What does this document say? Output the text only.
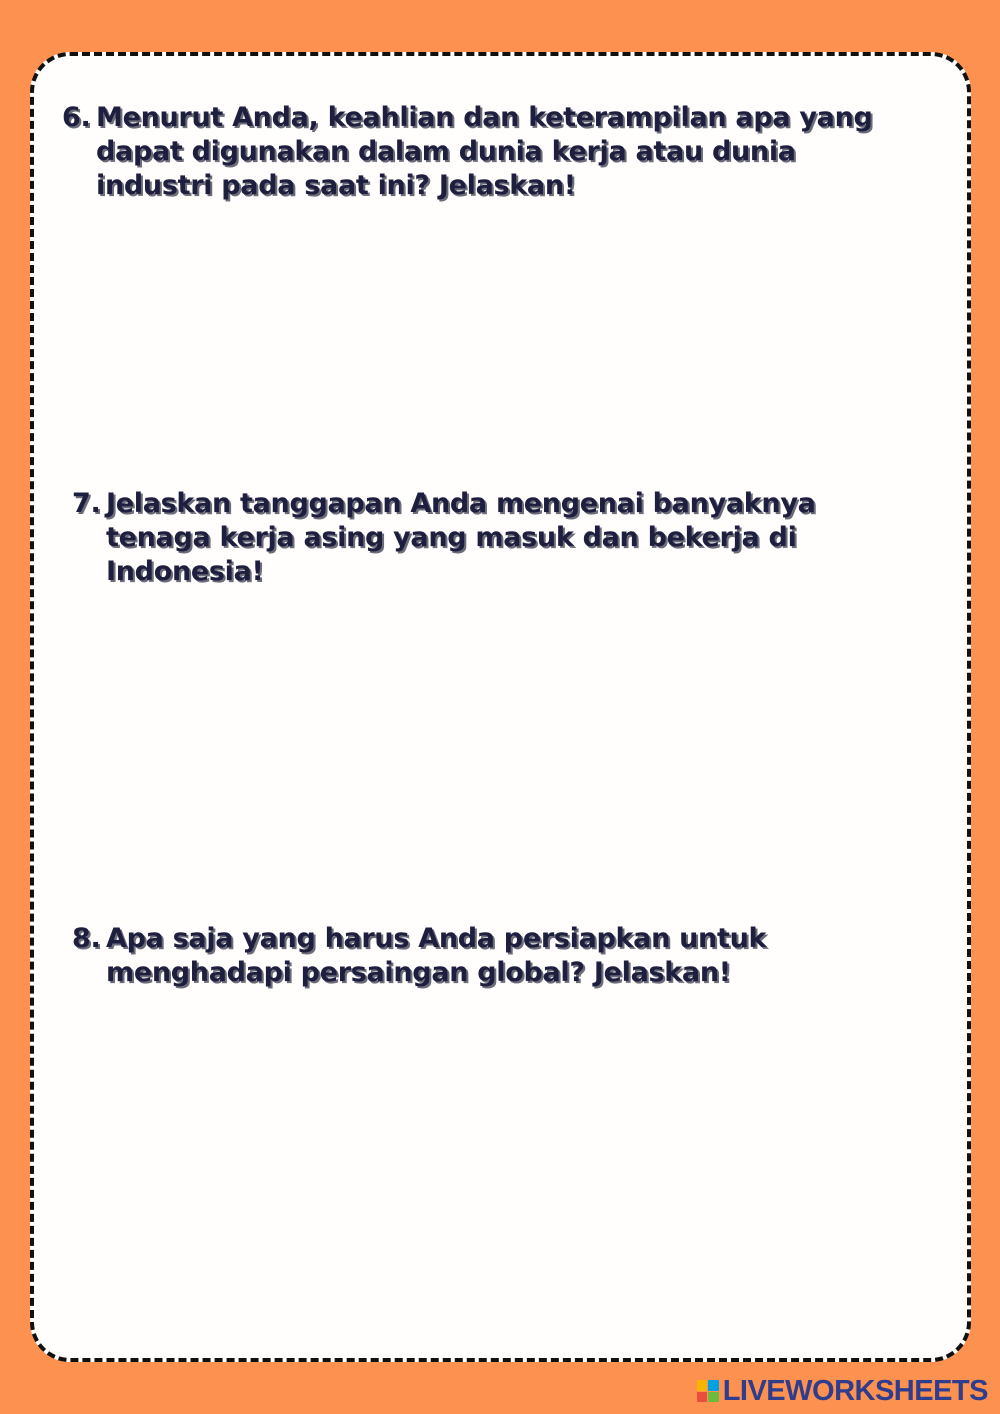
6. Menurut Anda, keahlian dan keterampilan apa yang
dapat digunakan dalam dunia kerja atau dunia
industri pada saat ini? Jelaskan!

7. Jelaskan tanggapan Anda mengenai banyaknya
tenaga kerja asing yang masuk dan bekerja di
Indonesia!

8. Apa saja yang harus Anda persiapkan untuk
menghadapi persaingan global? Jelaskan!

LIVEWORKSHEETS
